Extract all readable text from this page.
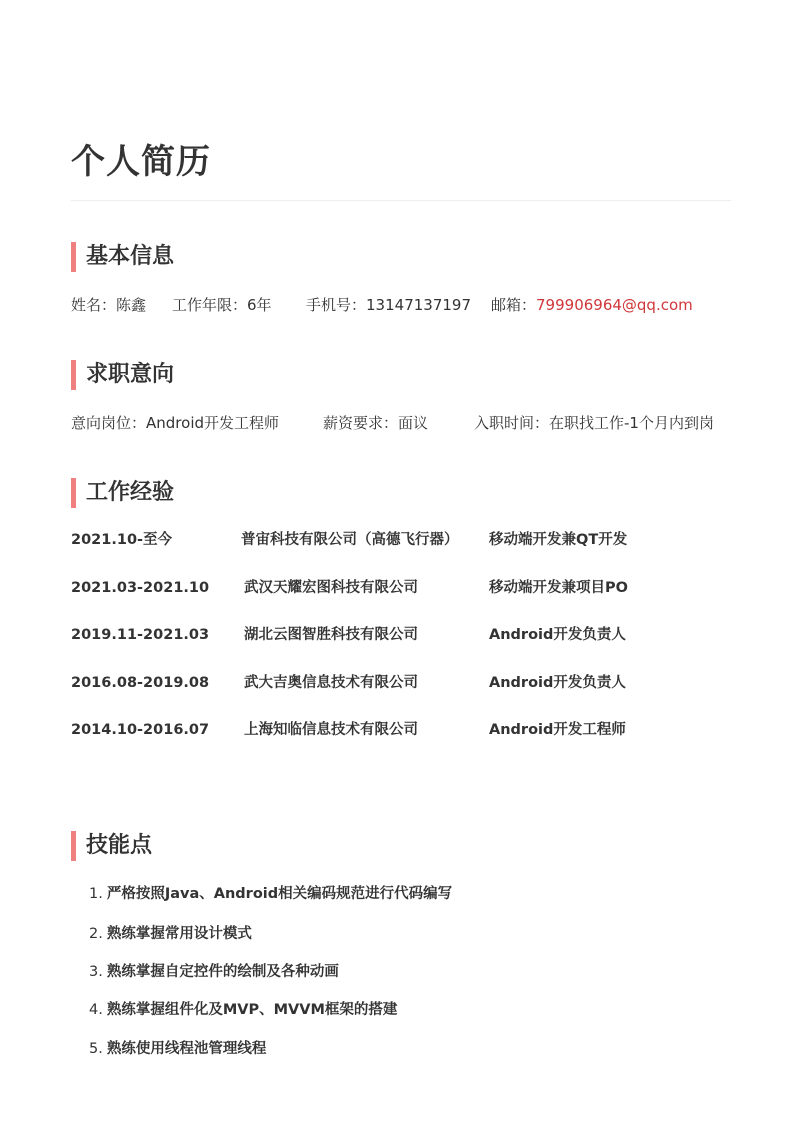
个人简历
基本信息
姓名：陈鑫 工作年限：6年 手机号：13147137197 邮箱：799906964@qq.com
求职意向
意向岗位：Android开发工程师	薪资要求：面议	入职时间：在职找工作-1个月内到岗
工作经验
2021.10-至今	普宙科技有限公司（高德飞行器） 移动端开发兼QT开发
2021.03-2021.10 武汉天耀宏图科技有限公司	移动端开发兼项目PO
2019.11-2021.03 湖北云图智胜科技有限公司	Android开发负责人
2016.08-2019.08 武大吉奥信息技术有限公司	Android开发负责人
2014.10-2016.07 上海知临信息技术有限公司	Android开发工程师
技能点
1. 严格按照Java、Android相关编码规范进行代码编写
2. 熟练掌握常用设计模式
3. 熟练掌握自定控件的绘制及各种动画
4. 熟练掌握组件化及MVP、MVVM框架的搭建
5. 熟练使用线程池管理线程
